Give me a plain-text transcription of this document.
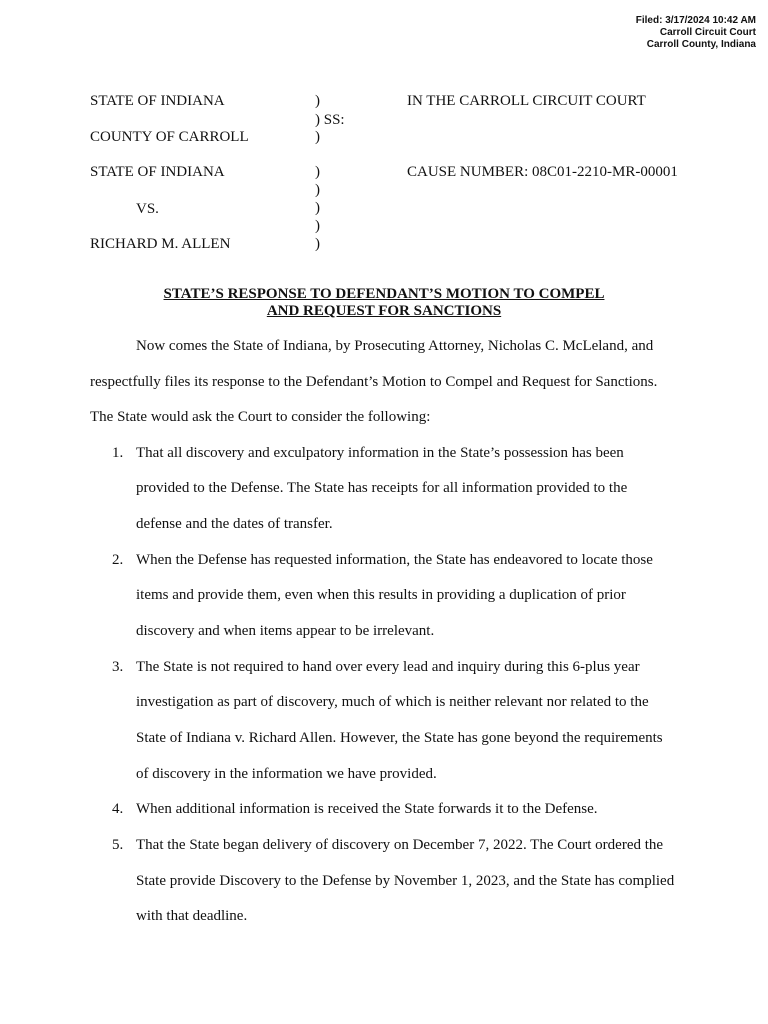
Filed: 3/17/2024 10:42 AM
Carroll Circuit Court
Carroll County, Indiana
STATE OF INDIANA	)	IN THE CARROLL CIRCUIT COURT
) SS:
COUNTY OF CARROLL	)
STATE OF INDIANA	)	CAUSE NUMBER: 08C01-2210-MR-00001
)
VS.	)
)
RICHARD M. ALLEN	)
STATE’S RESPONSE TO DEFENDANT’S MOTION TO COMPEL
AND REQUEST FOR SANCTIONS
Now comes the State of Indiana, by Prosecuting Attorney, Nicholas C. McLeland, and
respectfully files its response to the Defendant’s Motion to Compel and Request for Sanctions.
The State would ask the Court to consider the following:
1. That all discovery and exculpatory information in the State’s possession has been
provided to the Defense. The State has receipts for all information provided to the
defense and the dates of transfer.
2. When the Defense has requested information, the State has endeavored to locate those
items and provide them, even when this results in providing a duplication of prior
discovery and when items appear to be irrelevant.
3. The State is not required to hand over every lead and inquiry during this 6-plus year
investigation as part of discovery, much of which is neither relevant nor related to the
State of Indiana v. Richard Allen. However, the State has gone beyond the requirements
of discovery in the information we have provided.
4. When additional information is received the State forwards it to the Defense.
5. That the State began delivery of discovery on December 7, 2022. The Court ordered the
State provide Discovery to the Defense by November 1, 2023, and the State has complied
with that deadline.
